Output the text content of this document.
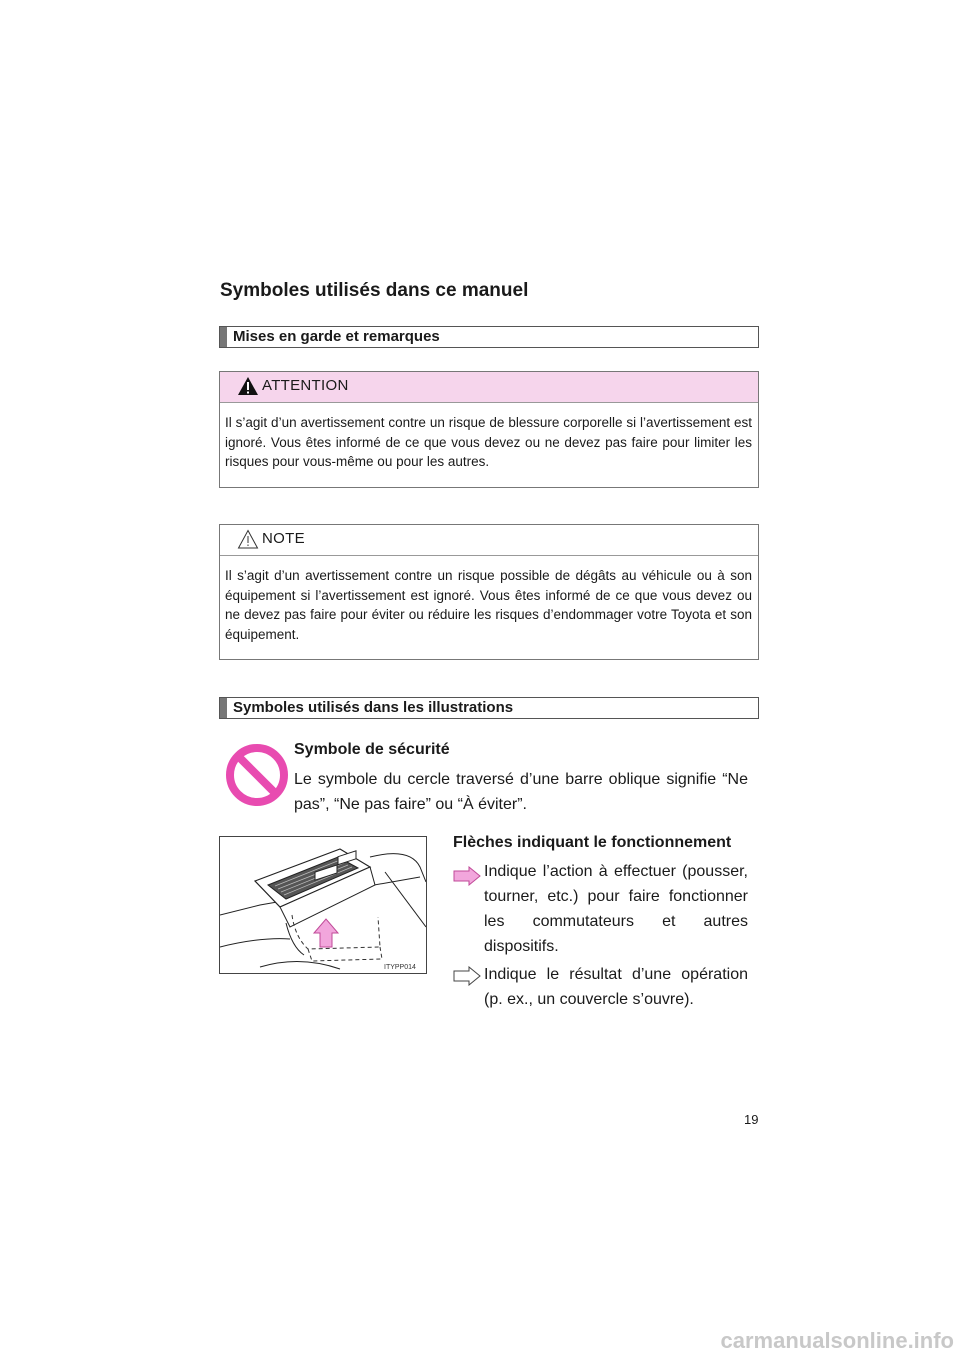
Symboles utilisés dans ce manuel
Mises en garde et remarques
ATTENTION
Il s’agit d’un avertissement contre un risque de blessure corporelle si l’avertissement est ignoré. Vous êtes informé de ce que vous devez ou ne devez pas faire pour limiter les risques pour vous-même ou pour les autres.
NOTE
Il s’agit d’un avertissement contre un risque possible de dégâts au véhicule ou à son équipement si l’avertissement est ignoré. Vous êtes informé de ce que vous devez ou ne devez pas faire pour éviter ou réduire les risques d’endommager votre Toyota et son équipement.
Symboles utilisés dans les illustrations
Symbole de sécurité
Le symbole du cercle traversé d’une barre oblique signifie “Ne pas”, “Ne pas faire” ou “À éviter”.
Flèches indiquant le fonctionnement
Indique l’action à effectuer (pousser, tourner, etc.) pour faire fonctionner les commutateurs et autres dispositifs.
Indique le résultat d’une opération (p. ex., un couvercle s’ouvre).
ITYPP014
19
carmanualsonline.info
